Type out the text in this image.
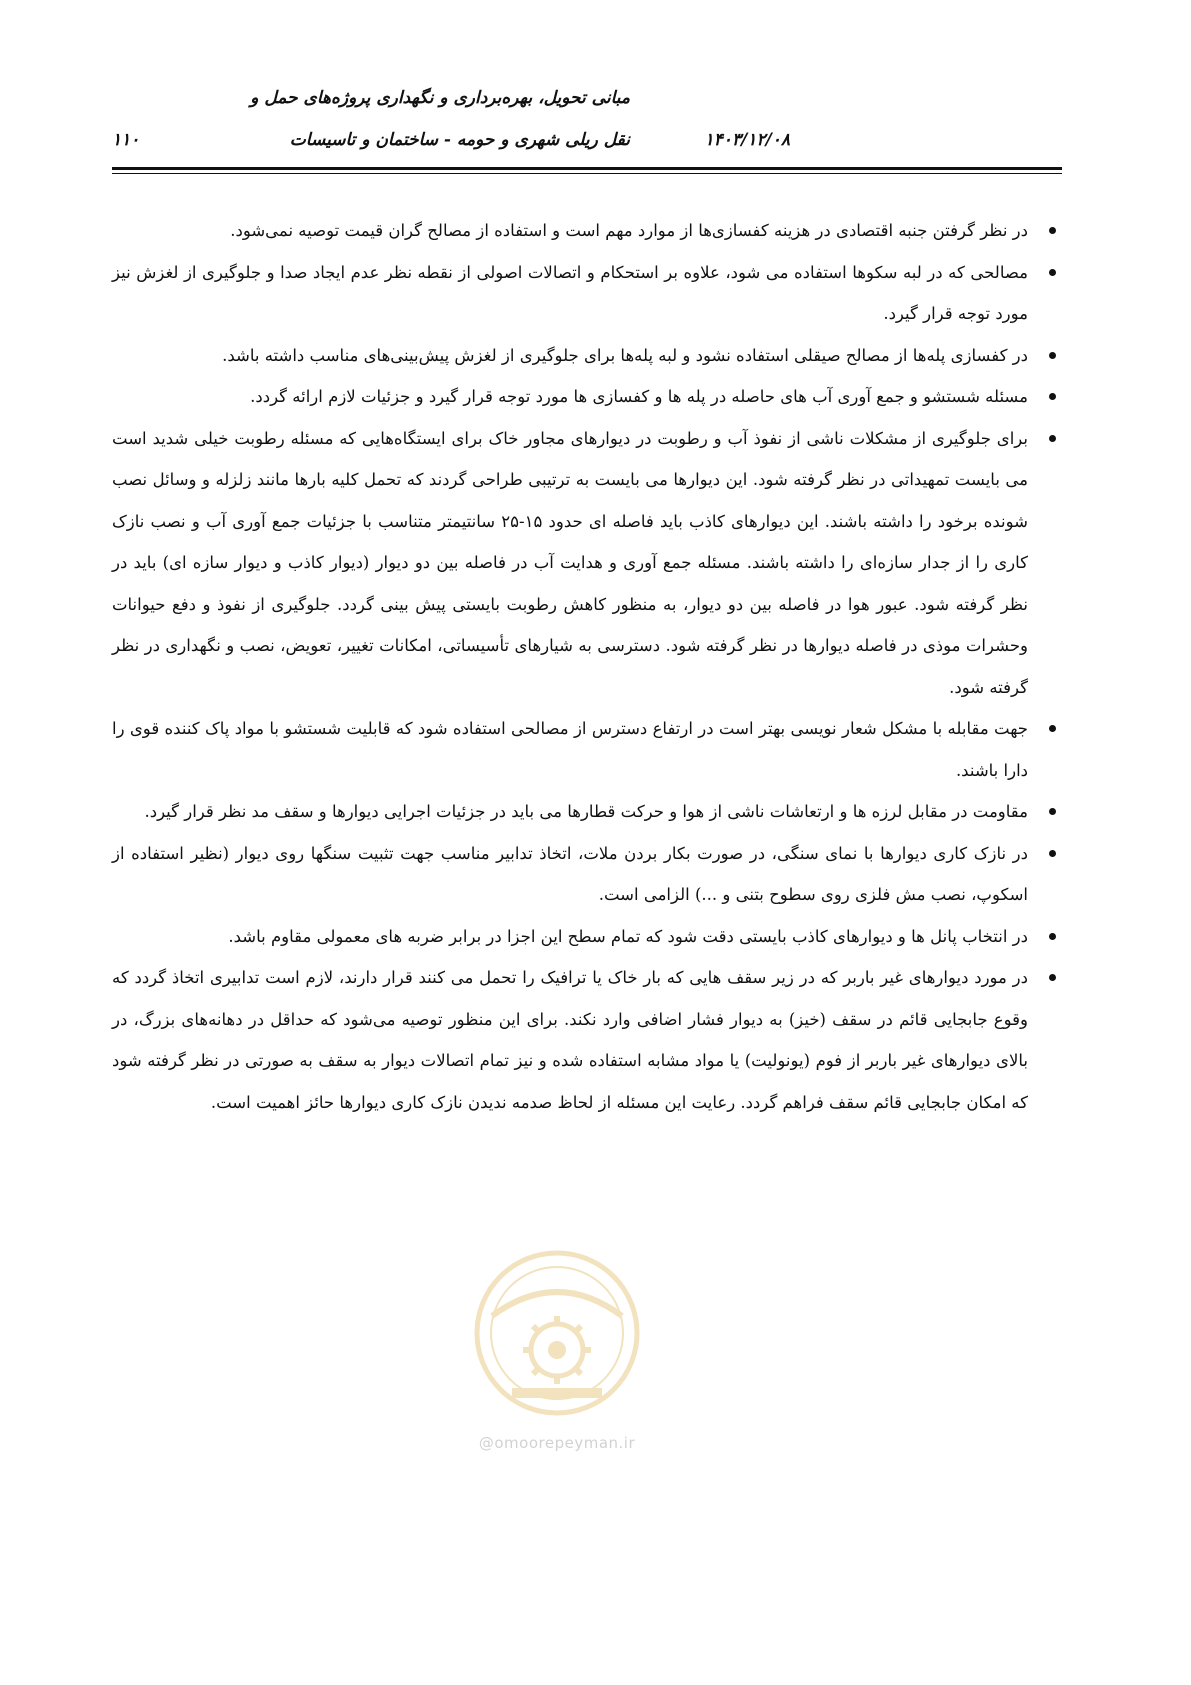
مبانی تحویل، بهره‌برداری و نگهداری پروژه‌های حمل و
نقل ریلی شهری و حومه - ساختمان و تاسیسات	۱۴۰۳/۱۲/۰۸
۱۱۰
در نظر گرفتن جنبه اقتصادی در هزینه کفسازی‌ها از موارد مهم است و استفاده از مصالح گران قیمت توصیه نمی‌شود.
مصالحی که در لبه سکوها استفاده می شود، علاوه بر استحکام و اتصالات اصولی از نقطه نظر عدم ایجاد صدا و جلوگیری از لغزش نیز مورد توجه قرار گیرد.
در کفسازی پله‌ها از مصالح صیقلی استفاده نشود و لبه پله‌ها برای جلوگیری از لغزش پیش‌بینی‌های مناسب داشته باشد.
مسئله شستشو و جمع آوری آب های حاصله در پله ها و کفسازی ها مورد توجه قرار گیرد و جزئیات لازم ارائه گردد.
برای جلوگیری از مشکلات ناشی از نفوذ آب و رطوبت در دیوارهای مجاور خاک برای ایستگاه‌هایی که مسئله رطوبت خیلی شدید است می بایست تمهیداتی در نظر گرفته شود. این دیوارها می بایست به ترتیبی طراحی گردند که تحمل کلیه بارها مانند زلزله و وسائل نصب شونده برخود را داشته باشند. این دیوارهای کاذب باید فاصله ای حدود ۱۵-۲۵ سانتیمتر متناسب با جزئیات جمع آوری آب و نصب نازک کاری را از جدار سازه‌ای را داشته باشند. مسئله جمع آوری و هدایت آب در فاصله بین دو دیوار (دیوار کاذب و دیوار سازه ای) باید در نظر گرفته شود. عبور هوا در فاصله بین دو دیوار، به منظور کاهش رطوبت بایستی پیش بینی گردد. جلوگیری از نفوذ و دفع حیوانات وحشرات موذی در فاصله دیوارها در نظر گرفته شود. دسترسی به شیارهای تأسیساتی، امکانات تغییر، تعویض، نصب و نگهداری در نظر گرفته شود.
جهت مقابله با مشکل شعار نویسی بهتر است در ارتفاع دسترس از مصالحی استفاده شود که قابلیت شستشو با مواد پاک کننده قوی را دارا باشند.
مقاومت در مقابل لرزه ها و ارتعاشات ناشی از هوا و حرکت قطارها می باید در جزئیات اجرایی دیوارها و سقف مد نظر قرار گیرد.
در نازک کاری دیوارها با نمای سنگی، در صورت بکار بردن ملات، اتخاذ تدابیر مناسب جهت تثبیت سنگها روی دیوار (نظیر استفاده از اسکوپ، نصب مش فلزی روی سطوح بتنی و ...) الزامی است.
در انتخاب پانل ها و دیوارهای کاذب بایستی دقت شود که تمام سطح این اجزا در برابر ضربه های معمولی مقاوم باشد.
در مورد دیوارهای غیر باربر که در زیر سقف هایی که بار خاک یا ترافیک را تحمل می کنند قرار دارند، لازم است تدابیری اتخاذ گردد که وقوع جابجایی قائم در سقف (خیز) به دیوار فشار اضافی وارد نکند. برای این منظور توصیه می‌شود که حداقل در دهانه‌های بزرگ، در بالای دیوارهای غیر باربر از فوم (یونولیت) یا مواد مشابه استفاده شده و نیز تمام اتصالات دیوار به سقف به صورتی در نظر گرفته شود که امکان جابجایی قائم سقف فراهم گردد. رعایت این مسئله از لحاظ صدمه ندیدن نازک کاری دیوارها حائز اهمیت است.
@omoorepeyman.ir
